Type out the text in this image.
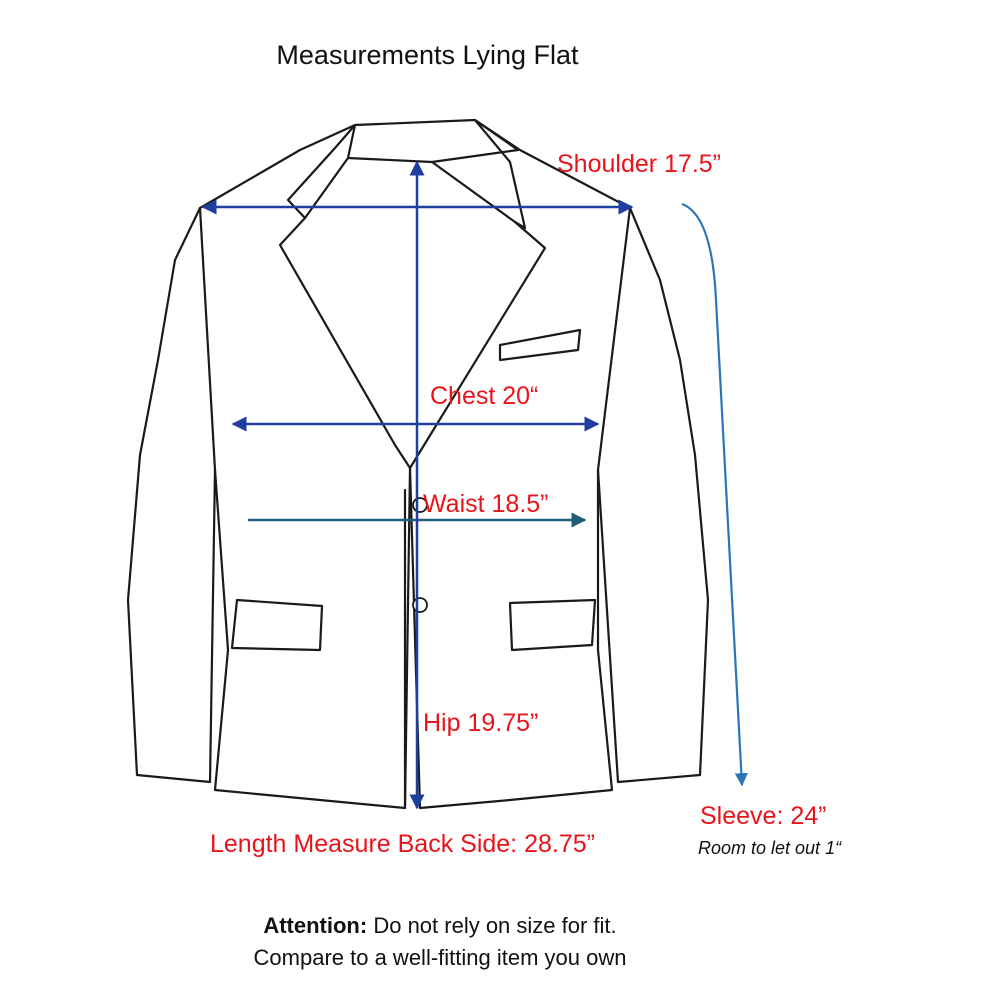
Measurements Lying Flat
Shoulder 17.5”
Chest 20“
Waist 18.5”
Hip 19.75”
Length Measure Back Side: 28.75”
Sleeve: 24”
Room to let out 1“
Attention: Do not rely on size for fit.
Compare to a well-fitting item you own
